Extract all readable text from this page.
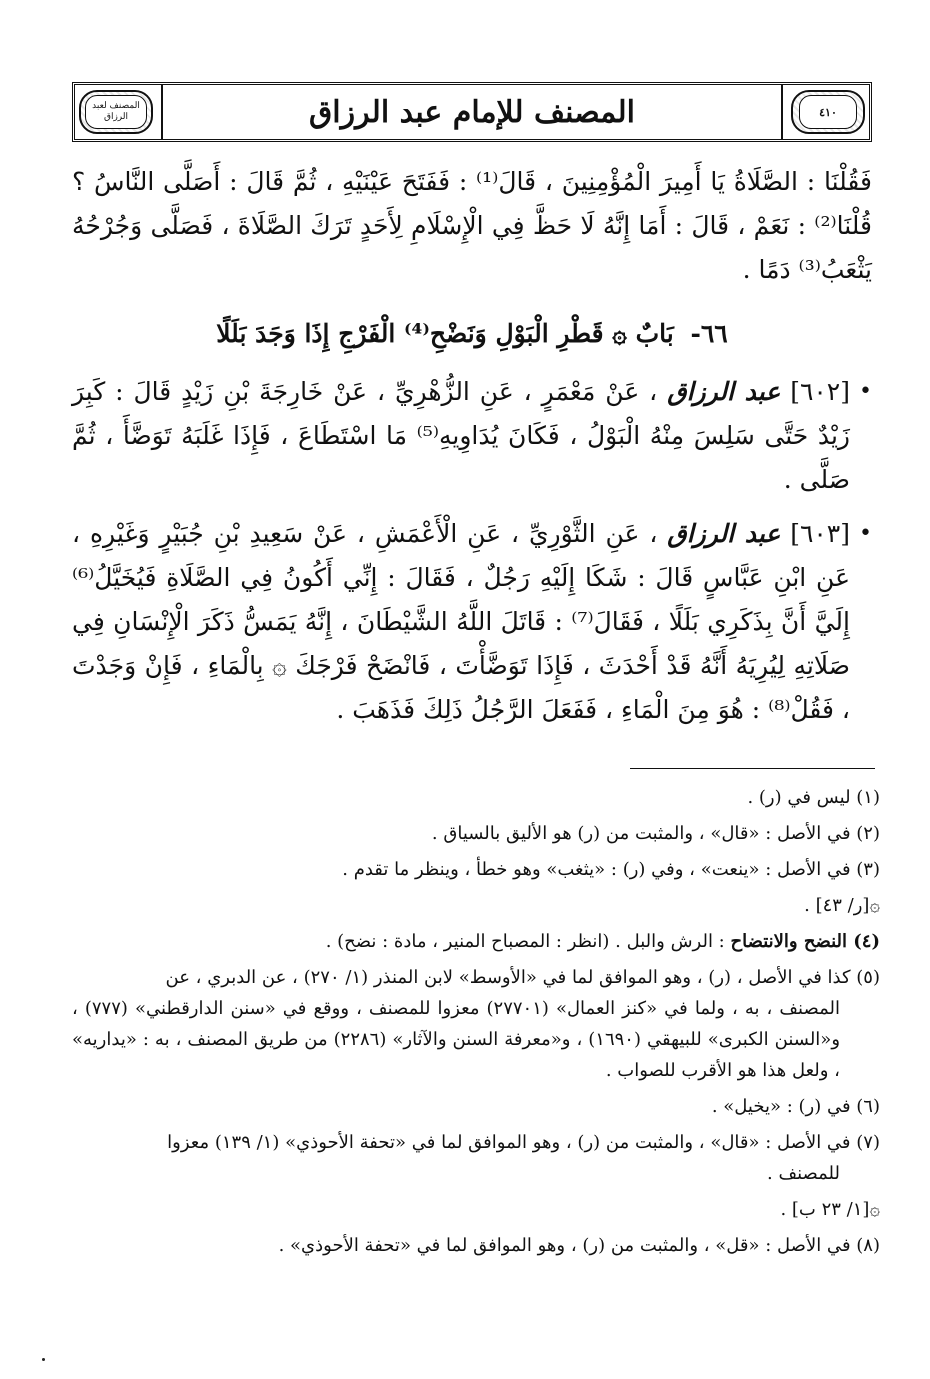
المصنف لعبد الرزاق	المصنف للإمام عبد الرزاق	٤١٠

فَقُلْنَا : الصَّلَاةُ يَا أَمِيرَ الْمُؤْمِنِينَ ، قَالَ⁽¹⁾ : فَفَتَحَ عَيْنَيْهِ ، ثُمَّ قَالَ : أَصَلَّى النَّاسُ ؟ قُلْنَا⁽²⁾ : نَعَمْ ، قَالَ : أَمَا إِنَّهُ لَا حَظَّ فِي الْإِسْلَامِ لِأَحَدٍ تَرَكَ الصَّلَاةَ ، فَصَلَّى وَجُرْحُهُ يَثْعَبُ⁽³⁾ دَمًا .

٦٦- بَابٌ ۞ قَطْرِ الْبَوْلِ وَنَضْحِ⁽⁴⁾ الْفَرْجِ إِذَا وَجَدَ بَلَلًا
•
[٦٠٢] عبد الرزاق ، عَنْ مَعْمَرٍ ، عَنِ الزُّهْرِيِّ ، عَنْ خَارِجَةَ بْنِ زَيْدٍ قَالَ : كَبِرَ زَيْدٌ حَتَّى سَلِسَ مِنْهُ الْبَوْلُ ، فَكَانَ يُدَاوِيهِ⁽⁵⁾ مَا اسْتَطَاعَ ، فَإِذَا غَلَبَهُ تَوَضَّأَ ، ثُمَّ صَلَّى .
•
[٦٠٣] عبد الرزاق ، عَنِ الثَّوْرِيِّ ، عَنِ الْأَعْمَشِ ، عَنْ سَعِيدِ بْنِ جُبَيْرٍ وَغَيْرِهِ ، عَنِ ابْنِ عَبَّاسٍ قَالَ : شَكَا إِلَيْهِ رَجُلٌ ، فَقَالَ : إِنِّي أَكُونُ فِي الصَّلَاةِ فَيُخَيَّلُ⁽⁶⁾ إِلَيَّ أَنَّ بِذَكَرِي بَلَلًا ، فَقَالَ⁽⁷⁾ : قَاتَلَ اللَّهُ الشَّيْطَانَ ، إِنَّهُ يَمَسُّ ذَكَرَ الْإِنْسَانِ فِي صَلَاتِهِ لِيُرِيَهُ أَنَّهُ قَدْ أَحْدَثَ ، فَإِذَا تَوَضَّأْتَ ، فَانْضَحْ فَرْجَكَ ۞ بِالْمَاءِ ، فَإِنْ وَجَدْتَ ، فَقُلْ⁽⁸⁾ : هُوَ مِنَ الْمَاءِ ، فَفَعَلَ الرَّجُلُ ذَلِكَ فَذَهَبَ .
(١) ليس في (ر) .
(٢) في الأصل : «قال» ، والمثبت من (ر) هو الأليق بالسياق .
(٣) في الأصل : «ينعت» ، وفي (ر) : «يثغب» وهو خطأ ، وينظر ما تقدم .
۞[ر/ ٤٣] .
(٤) النضح والانتضاح : الرش والبل . (انظر : المصباح المنير ، مادة : نضح) .
(٥) كذا في الأصل ، (ر) ، وهو الموافق لما في «الأوسط» لابن المنذر (١/ ٢٧٠) ، عن الدبري ، عن
المصنف ، به ، ولما في «كنز العمال» (٢٧٧٠١) معزوا للمصنف ، ووقع في «سنن الدارقطني» (٧٧٧) ، و«السنن الكبرى» للبيهقي (١٦٩٠) ، و«معرفة السنن والآثار» (٢٢٨٦) من طريق المصنف ، به : «يداريه» ، ولعل هذا هو الأقرب للصواب .
(٦) في (ر) : «يخيل» .
(٧) في الأصل : «قال» ، والمثبت من (ر) ، وهو الموافق لما في «تحفة الأحوذي» (١/ ١٣٩) معزوا
للمصنف .
۞[١/ ٢٣ ب] .
(٨) في الأصل : «قل» ، والمثبت من (ر) ، وهو الموافق لما في «تحفة الأحوذي» .
